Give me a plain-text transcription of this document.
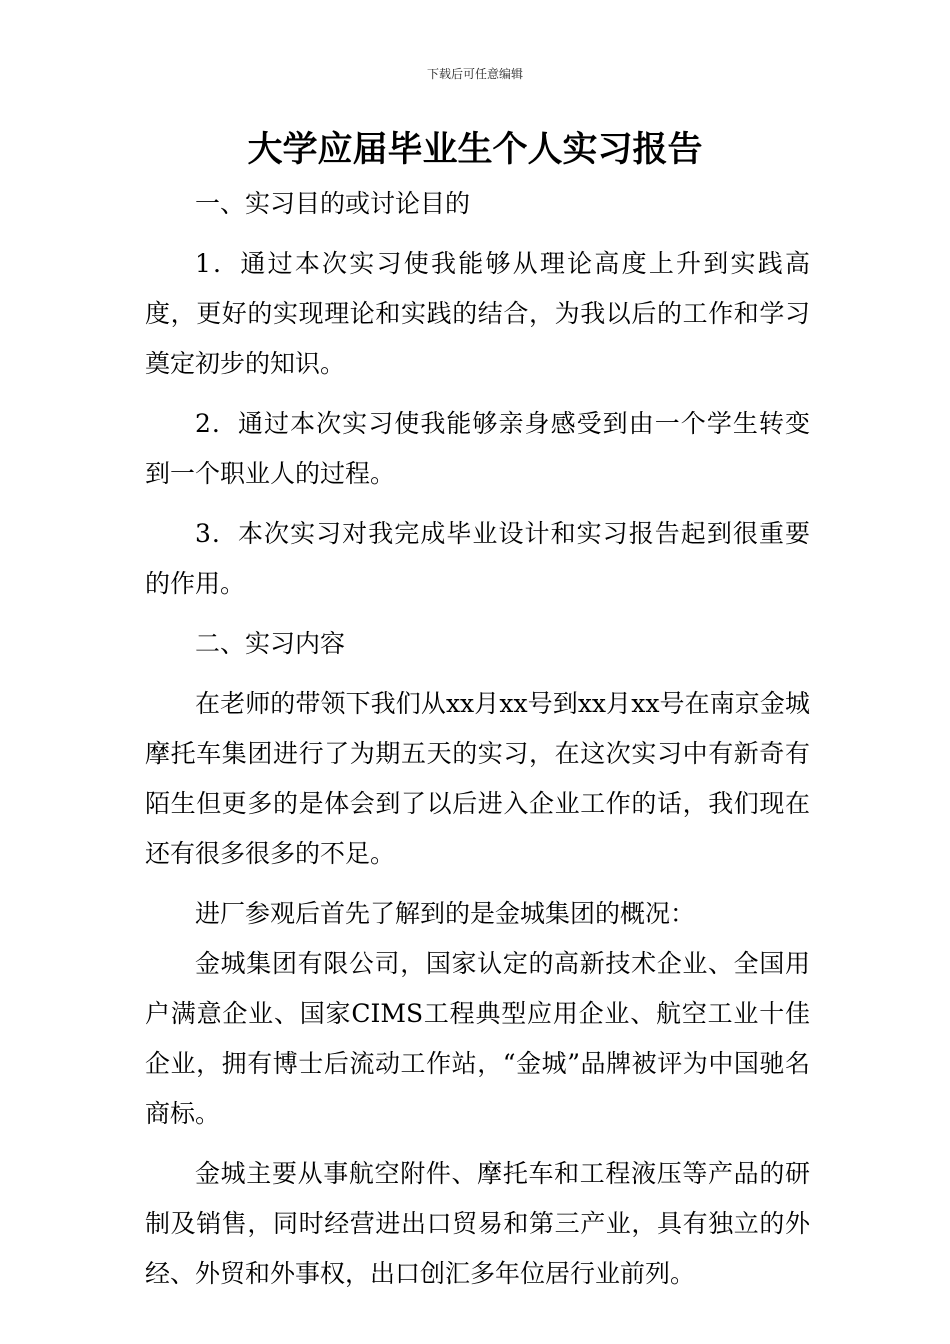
下载后可任意编辑
大学应届毕业生个人实习报告

一、实习目的或讨论目的

1．通过本次实习使我能够从理论高度上升到实践高度，更好的实现理论和实践的结合，为我以后的工作和学习奠定初步的知识。

2．通过本次实习使我能够亲身感受到由一个学生转变到一个职业人的过程。

3．本次实习对我完成毕业设计和实习报告起到很重要的作用。

二、实习内容

在老师的带领下我们从xx月xx号到xx月xx号在南京金城摩托车集团进行了为期五天的实习，在这次实习中有新奇有陌生但更多的是体会到了以后进入企业工作的话，我们现在还有很多很多的不足。

进厂参观后首先了解到的是金城集团的概况：

金城集团有限公司，国家认定的高新技术企业、全国用户满意企业、国家CIMS工程典型应用企业、航空工业十佳企业，拥有博士后流动工作站，“金城”品牌被评为中国驰名商标。

金城主要从事航空附件、摩托车和工程液压等产品的研制及销售，同时经营进出口贸易和第三产业，具有独立的外经、外贸和外事权，出口创汇多年位居行业前列。
